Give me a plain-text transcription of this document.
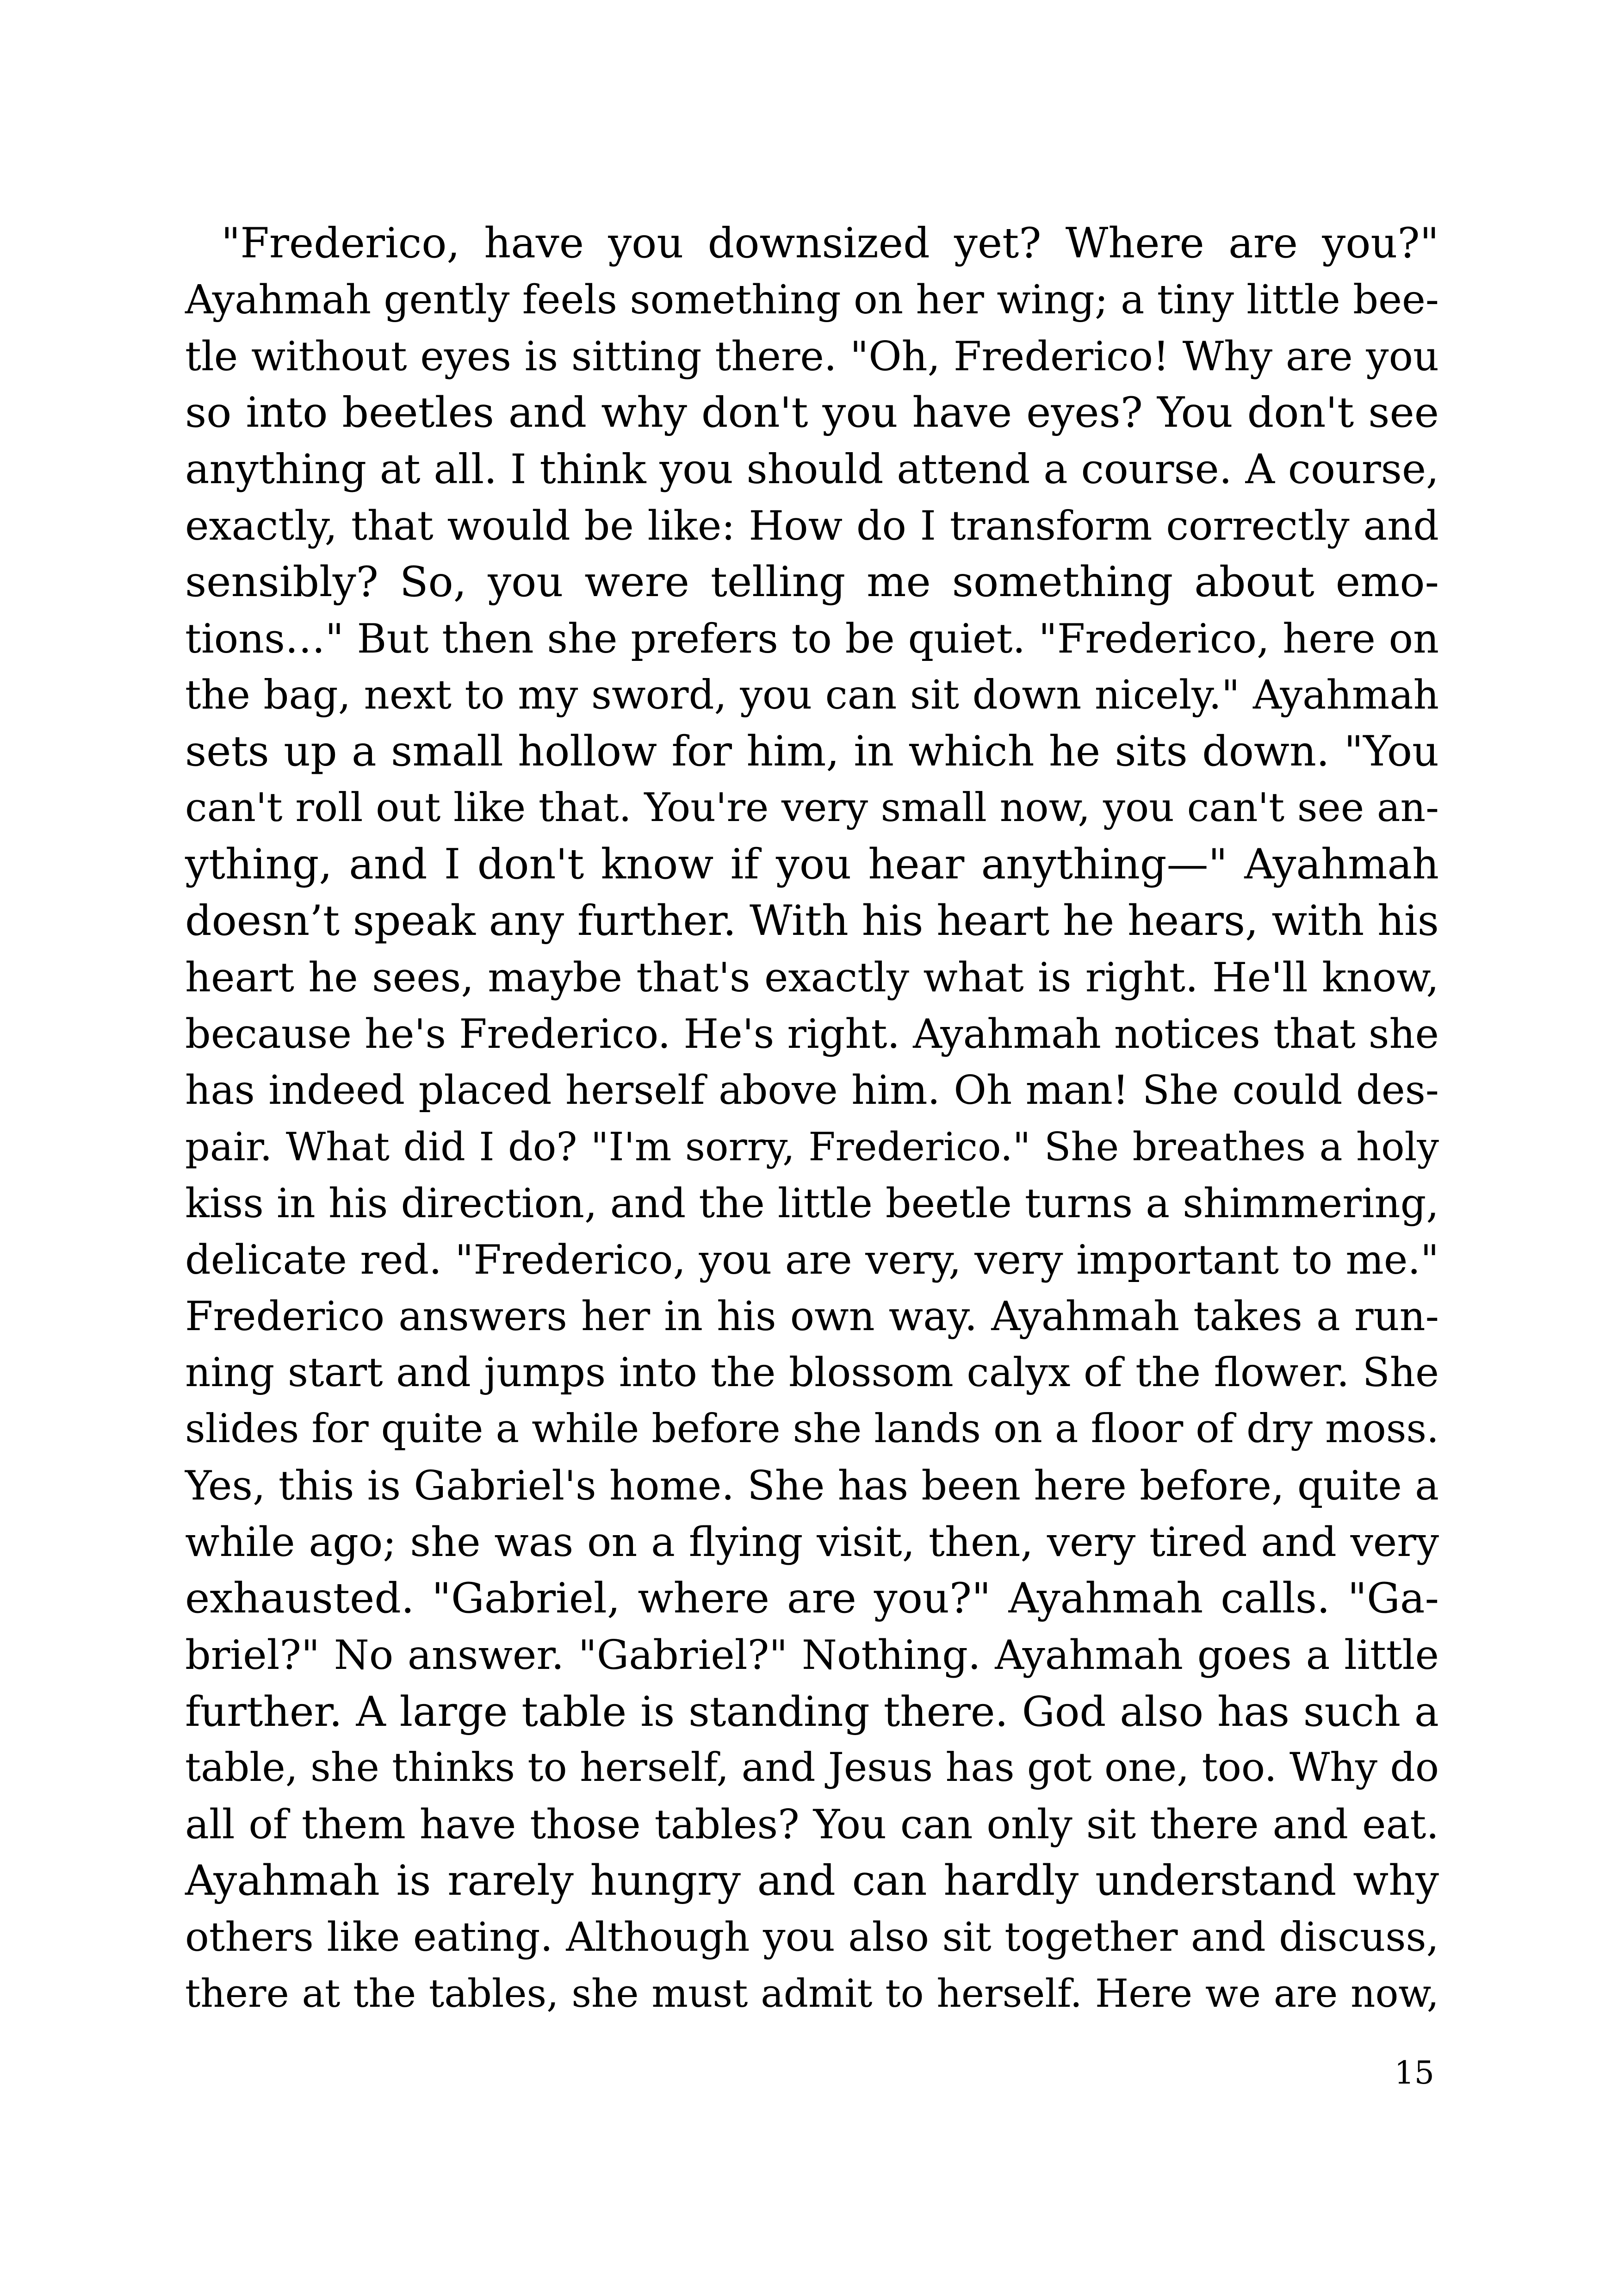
"Frederico, have you downsized yet? Where are you?"
Ayahmah gently feels something on her wing; a tiny little bee-
tle without eyes is sitting there. "Oh, Frederico! Why are you
so into beetles and why don't you have eyes? You don't see
anything at all. I think you should attend a course. A course,
exactly, that would be like: How do I transform correctly and
sensibly? So, you were telling me something about emo-
tions…" But then she prefers to be quiet. "Frederico, here on
the bag, next to my sword, you can sit down nicely." Ayahmah
sets up a small hollow for him, in which he sits down. "You
can't roll out like that. You're very small now, you can't see an-
ything, and I don't know if you hear anything—" Ayahmah
doesn’t speak any further. With his heart he hears, with his
heart he sees, maybe that's exactly what is right. He'll know,
because he's Frederico. He's right. Ayahmah notices that she
has indeed placed herself above him. Oh man! She could des-
pair. What did I do? "I'm sorry, Frederico." She breathes a holy
kiss in his direction, and the little beetle turns a shimmering,
delicate red. "Frederico, you are very, very important to me."
Frederico answers her in his own way. Ayahmah takes a run-
ning start and jumps into the blossom calyx of the flower. She
slides for quite a while before she lands on a floor of dry moss.
Yes, this is Gabriel's home. She has been here before, quite a
while ago; she was on a flying visit, then, very tired and very
exhausted. "Gabriel, where are you?" Ayahmah calls. "Ga-
briel?" No answer. "Gabriel?" Nothing. Ayahmah goes a little
further. A large table is standing there. God also has such a
table, she thinks to herself, and Jesus has got one, too. Why do
all of them have those tables? You can only sit there and eat.
Ayahmah is rarely hungry and can hardly understand why
others like eating. Although you also sit together and discuss,
there at the tables, she must admit to herself. Here we are now,
15
